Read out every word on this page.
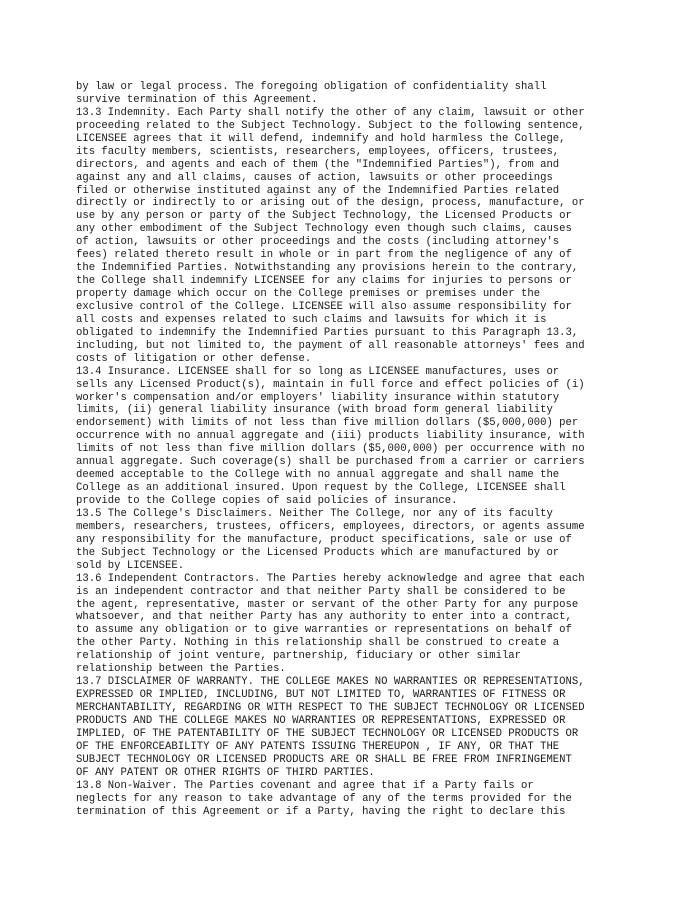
by law or legal process. The foregoing obligation of confidentiality shall
survive termination of this Agreement.
13.3 Indemnity. Each Party shall notify the other of any claim, lawsuit or other
proceeding related to the Subject Technology. Subject to the following sentence,
LICENSEE agrees that it will defend, indemnify and hold harmless the College,
its faculty members, scientists, researchers, employees, officers, trustees,
directors, and agents and each of them (the "Indemnified Parties"), from and
against any and all claims, causes of action, lawsuits or other proceedings
filed or otherwise instituted against any of the Indemnified Parties related
directly or indirectly to or arising out of the design, process, manufacture, or
use by any person or party of the Subject Technology, the Licensed Products or
any other embodiment of the Subject Technology even though such claims, causes
of action, lawsuits or other proceedings and the costs (including attorney's
fees) related thereto result in whole or in part from the negligence of any of
the Indemnified Parties. Notwithstanding any provisions herein to the contrary,
the College shall indemnify LICENSEE for any claims for injuries to persons or
property damage which occur on the College premises or premises under the
exclusive control of the College. LICENSEE will also assume responsibility for
all costs and expenses related to such claims and lawsuits for which it is
obligated to indemnify the Indemnified Parties pursuant to this Paragraph 13.3,
including, but not limited to, the payment of all reasonable attorneys' fees and
costs of litigation or other defense.
13.4 Insurance. LICENSEE shall for so long as LICENSEE manufactures, uses or
sells any Licensed Product(s), maintain in full force and effect policies of (i)
worker's compensation and/or employers' liability insurance within statutory
limits, (ii) general liability insurance (with broad form general liability
endorsement) with limits of not less than five million dollars ($5,000,000) per
occurrence with no annual aggregate and (iii) products liability insurance, with
limits of not less than five million dollars ($5,000,000) per occurrence with no
annual aggregate. Such coverage(s) shall be purchased from a carrier or carriers
deemed acceptable to the College with no annual aggregate and shall name the
College as an additional insured. Upon request by the College, LICENSEE shall
provide to the College copies of said policies of insurance.
13.5 The College's Disclaimers. Neither The College, nor any of its faculty
members, researchers, trustees, officers, employees, directors, or agents assume
any responsibility for the manufacture, product specifications, sale or use of
the Subject Technology or the Licensed Products which are manufactured by or
sold by LICENSEE.
13.6 Independent Contractors. The Parties hereby acknowledge and agree that each
is an independent contractor and that neither Party shall be considered to be
the agent, representative, master or servant of the other Party for any purpose
whatsoever, and that neither Party has any authority to enter into a contract,
to assume any obligation or to give warranties or representations on behalf of
the other Party. Nothing in this relationship shall be construed to create a
relationship of joint venture, partnership, fiduciary or other similar
relationship between the Parties.
13.7 DISCLAIMER OF WARRANTY. THE COLLEGE MAKES NO WARRANTIES OR REPRESENTATIONS,
EXPRESSED OR IMPLIED, INCLUDING, BUT NOT LIMITED TO, WARRANTIES OF FITNESS OR
MERCHANTABILITY, REGARDING OR WITH RESPECT TO THE SUBJECT TECHNOLOGY OR LICENSED
PRODUCTS AND THE COLLEGE MAKES NO WARRANTIES OR REPRESENTATIONS, EXPRESSED OR
IMPLIED, OF THE PATENTABILITY OF THE SUBJECT TECHNOLOGY OR LICENSED PRODUCTS OR
OF THE ENFORCEABILITY OF ANY PATENTS ISSUING THEREUPON , IF ANY, OR THAT THE
SUBJECT TECHNOLOGY OR LICENSED PRODUCTS ARE OR SHALL BE FREE FROM INFRINGEMENT
OF ANY PATENT OR OTHER RIGHTS OF THIRD PARTIES.
13.8 Non-Waiver. The Parties covenant and agree that if a Party fails or
neglects for any reason to take advantage of any of the terms provided for the
termination of this Agreement or if a Party, having the right to declare this
